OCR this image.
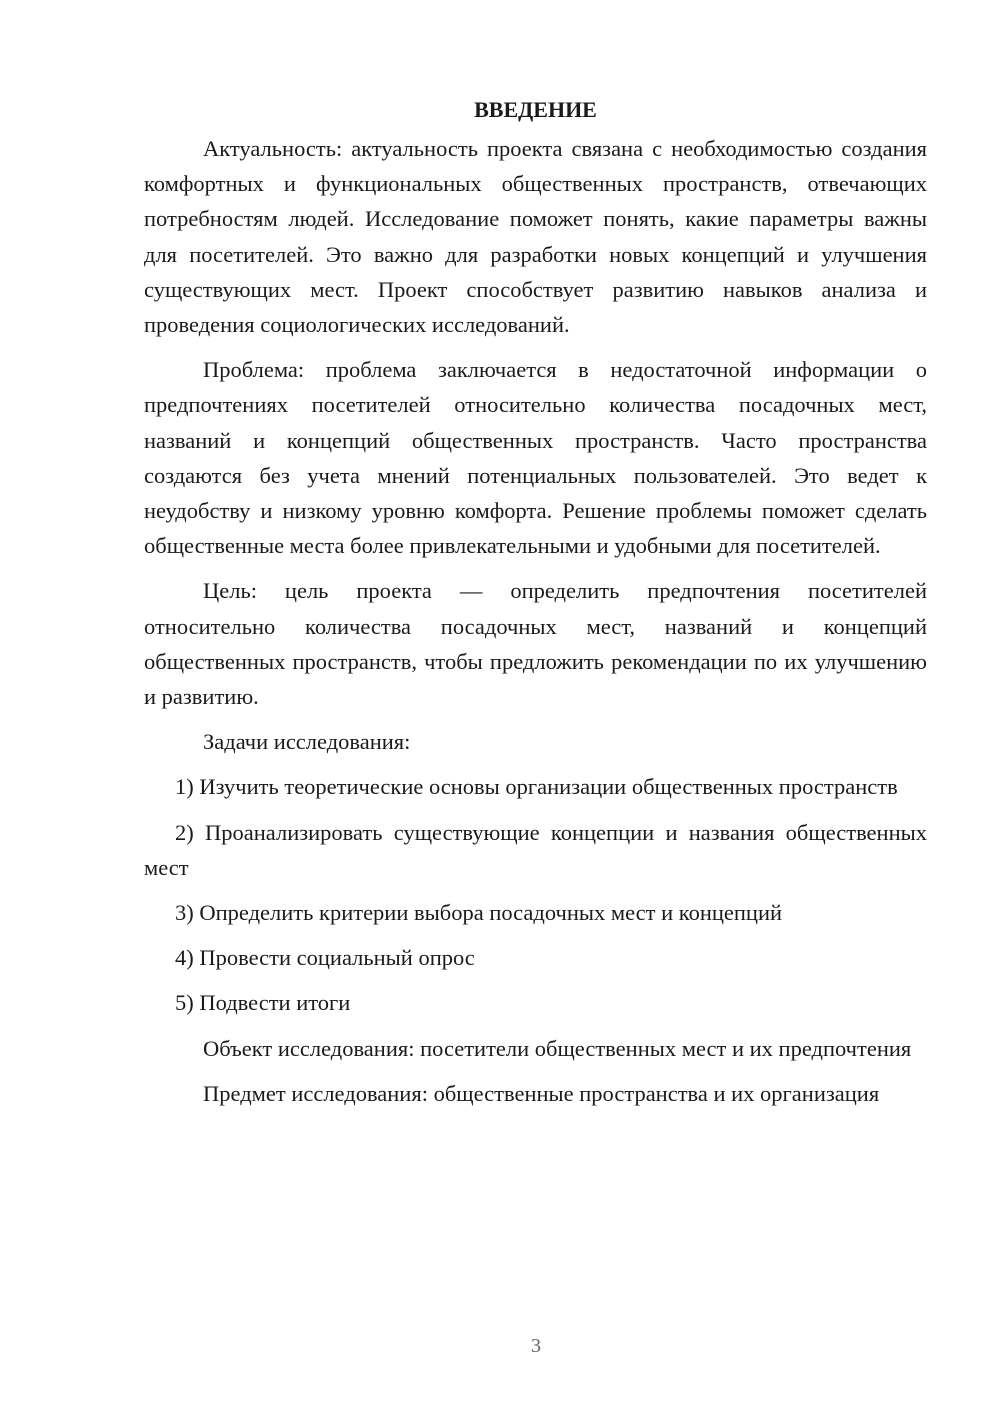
ВВЕДЕНИЕ

Актуальность: актуальность проекта связана с необходимостью создания комфортных и функциональных общественных пространств, отвечающих потребностям людей. Исследование поможет понять, какие параметры важны для посетителей. Это важно для разработки новых концепций и улучшения существующих мест. Проект способствует развитию навыков анализа и проведения социологических исследований.

Проблема: проблема заключается в недостаточной информации о предпочтениях посетителей относительно количества посадочных мест, названий и концепций общественных пространств. Часто пространства создаются без учета мнений потенциальных пользователей. Это ведет к неудобству и низкому уровню комфорта. Решение проблемы поможет сделать общественные места более привлекательными и удобными для посетителей.

Цель: цель проекта — определить предпочтения посетителей относительно количества посадочных мест, названий и концепций общественных пространств, чтобы предложить рекомендации по их улучшению и развитию.

Задачи исследования:

1) Изучить теоретические основы организации общественных пространств

2) Проанализировать существующие концепции и названия общественных мест

3) Определить критерии выбора посадочных мест и концепций

4) Провести социальный опрос

5) Подвести итоги

Объект исследования: посетители общественных мест и их предпочтения

Предмет исследования: общественные пространства и их организация

3
